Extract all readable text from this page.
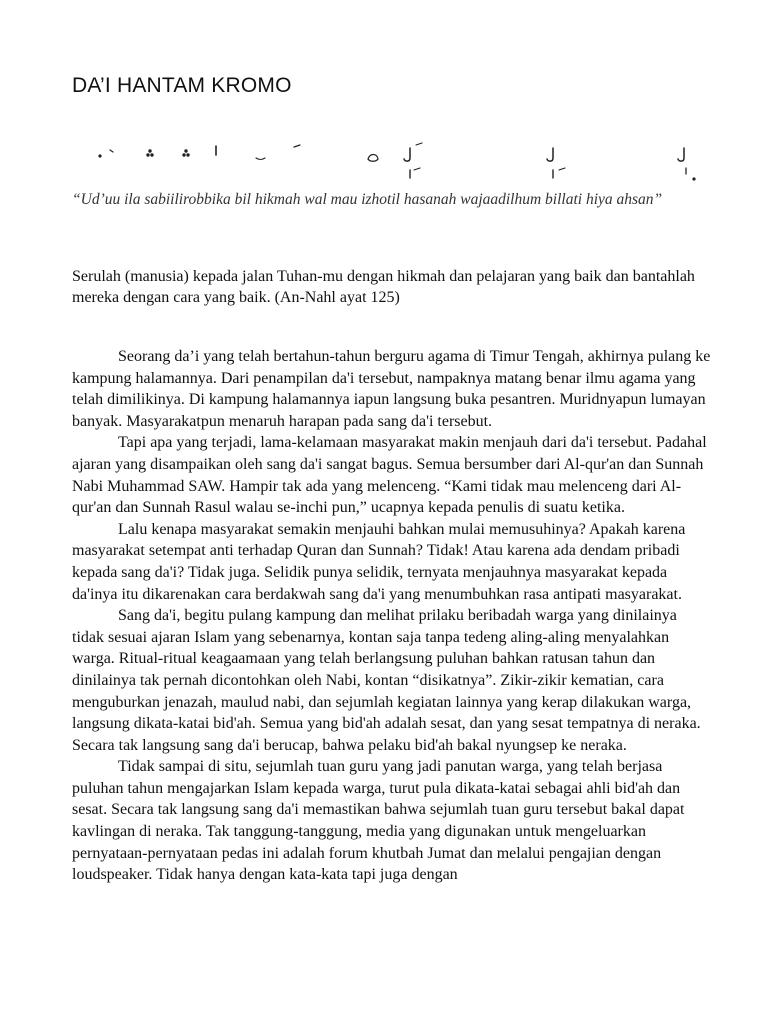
DA’I HANTAM KROMO

“Ud’uu ila sabiilirobbika bil hikmah wal mau izhotil hasanah wajaadilhum billati hiya ahsan”

Serulah (manusia) kepada jalan Tuhan-mu dengan hikmah dan pelajaran yang baik dan bantahlah mereka dengan cara yang baik. (An-Nahl ayat 125)

Seorang da’i yang telah bertahun-tahun berguru agama di Timur Tengah, akhirnya pulang ke kampung halamannya. Dari penampilan da'i tersebut, nampaknya matang benar ilmu agama yang telah dimilikinya. Di kampung halamannya iapun langsung buka pesantren. Muridnyapun lumayan banyak. Masyarakatpun menaruh harapan pada sang da'i tersebut.

Tapi apa yang terjadi, lama-kelamaan masyarakat makin menjauh dari da'i tersebut. Padahal ajaran yang disampaikan oleh sang da'i sangat bagus. Semua bersumber dari Al-qur'an dan Sunnah Nabi Muhammad SAW. Hampir tak ada yang melenceng. “Kami tidak mau melenceng dari Al-qur'an dan Sunnah Rasul walau se-inchi pun,” ucapnya kepada penulis di suatu ketika.

Lalu kenapa masyarakat semakin menjauhi bahkan mulai memusuhinya? Apakah karena masyarakat setempat anti terhadap Quran dan Sunnah? Tidak! Atau karena ada dendam pribadi kepada sang da'i? Tidak juga. Selidik punya selidik, ternyata menjauhnya masyarakat kepada da'inya itu dikarenakan cara berdakwah sang da'i yang menumbuhkan rasa antipati masyarakat.

Sang da'i, begitu pulang kampung dan melihat prilaku beribadah warga yang dinilainya tidak sesuai ajaran Islam yang sebenarnya, kontan saja tanpa tedeng aling-aling menyalahkan warga. Ritual-ritual keagaamaan yang telah berlangsung puluhan bahkan ratusan tahun dan dinilainya tak pernah dicontohkan oleh Nabi, kontan “disikatnya”. Zikir-zikir kematian, cara menguburkan jenazah, maulud nabi, dan sejumlah kegiatan lainnya yang kerap dilakukan warga, langsung dikata-katai bid'ah. Semua yang bid'ah adalah sesat, dan yang sesat tempatnya di neraka. Secara tak langsung sang da'i berucap, bahwa pelaku bid'ah bakal nyungsep ke neraka.

Tidak sampai di situ, sejumlah tuan guru yang jadi panutan warga, yang telah berjasa puluhan tahun mengajarkan Islam kepada warga, turut pula dikata-katai sebagai ahli bid'ah dan sesat. Secara tak langsung sang da'i memastikan bahwa sejumlah tuan guru tersebut bakal dapat kavlingan di neraka. Tak tanggung-tanggung, media yang digunakan untuk mengeluarkan pernyataan-pernyataan pedas ini adalah forum khutbah Jumat dan melalui pengajian dengan loudspeaker. Tidak hanya dengan kata-kata tapi juga dengan
